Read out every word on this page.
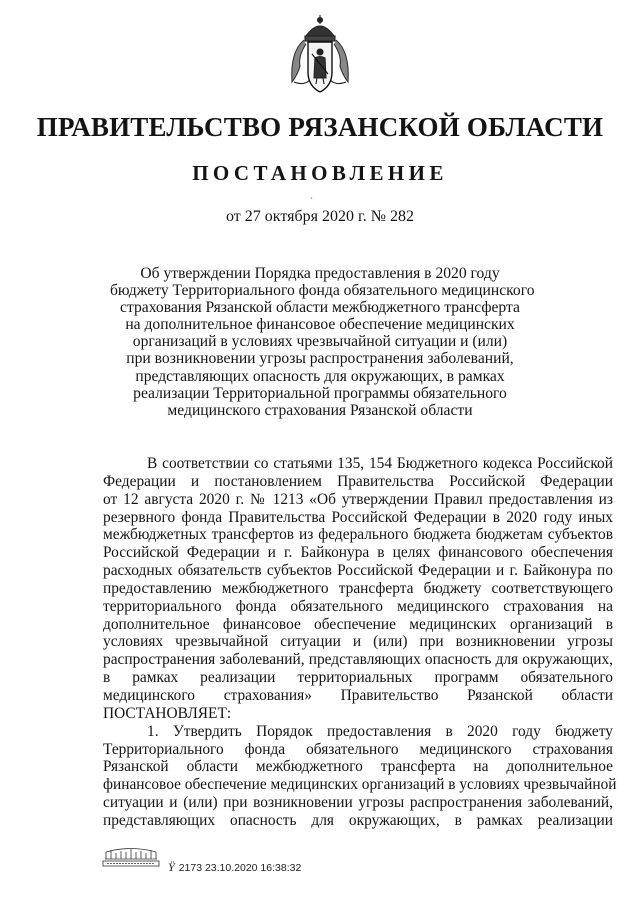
ПРАВИТЕЛЬСТВО РЯЗАНСКОЙ ОБЛАСТИ
ПОСТАНОВЛЕНИЕ
ˋ
от 27 октября 2020 г. № 282
Об утверждении Порядка предоставления в 2020 году
бюджету Территориального фонда обязательного медицинского
страхования Рязанской области межбюджетного трансферта
на дополнительное финансовое обеспечение медицинских
организаций в условиях чрезвычайной ситуации и (или)
при возникновении угрозы распространения заболеваний,
представляющих опасность для окружающих, в рамках
реализации Территориальной программы обязательного
медицинского страхования Рязанской области
В соответствии со статьями 135, 154 Бюджетного кодекса Российской
Федерации и постановлением Правительства Российской Федерации
от 12 августа 2020 г. № 1213 «Об утверждении Правил предоставления из
резервного фонда Правительства Российской Федерации в 2020 году иных
межбюджетных трансфертов из федерального бюджета бюджетам субъектов
Российской Федерации и г. Байконура в целях финансового обеспечения
расходных обязательств субъектов Российской Федерации и г. Байконура по
предоставлению межбюджетного трансферта бюджету соответствующего
территориального фонда обязательного медицинского страхования на
дополнительное финансовое обеспечение медицинских организаций в
условиях чрезвычайной ситуации и (или) при возникновении угрозы
распространения заболеваний, представляющих опасность для окружающих,
в рамках реализации территориальных программ обязательного
медицинского страхования» Правительство Рязанской области
ПОСТАНОВЛЯЕТ:
1. Утвердить Порядок предоставления в 2020 году бюджету
Территориального фонда обязательного медицинского страхования
Рязанской области межбюджетного трансферта на дополнительное
финансовое обеспечение медицинских организаций в условиях чрезвычайной
ситуации и (или) при возникновении угрозы распространения заболеваний,
представляющих опасность для окружающих, в рамках реализации
Ÿ 2173 23.10.2020 16:38:32
